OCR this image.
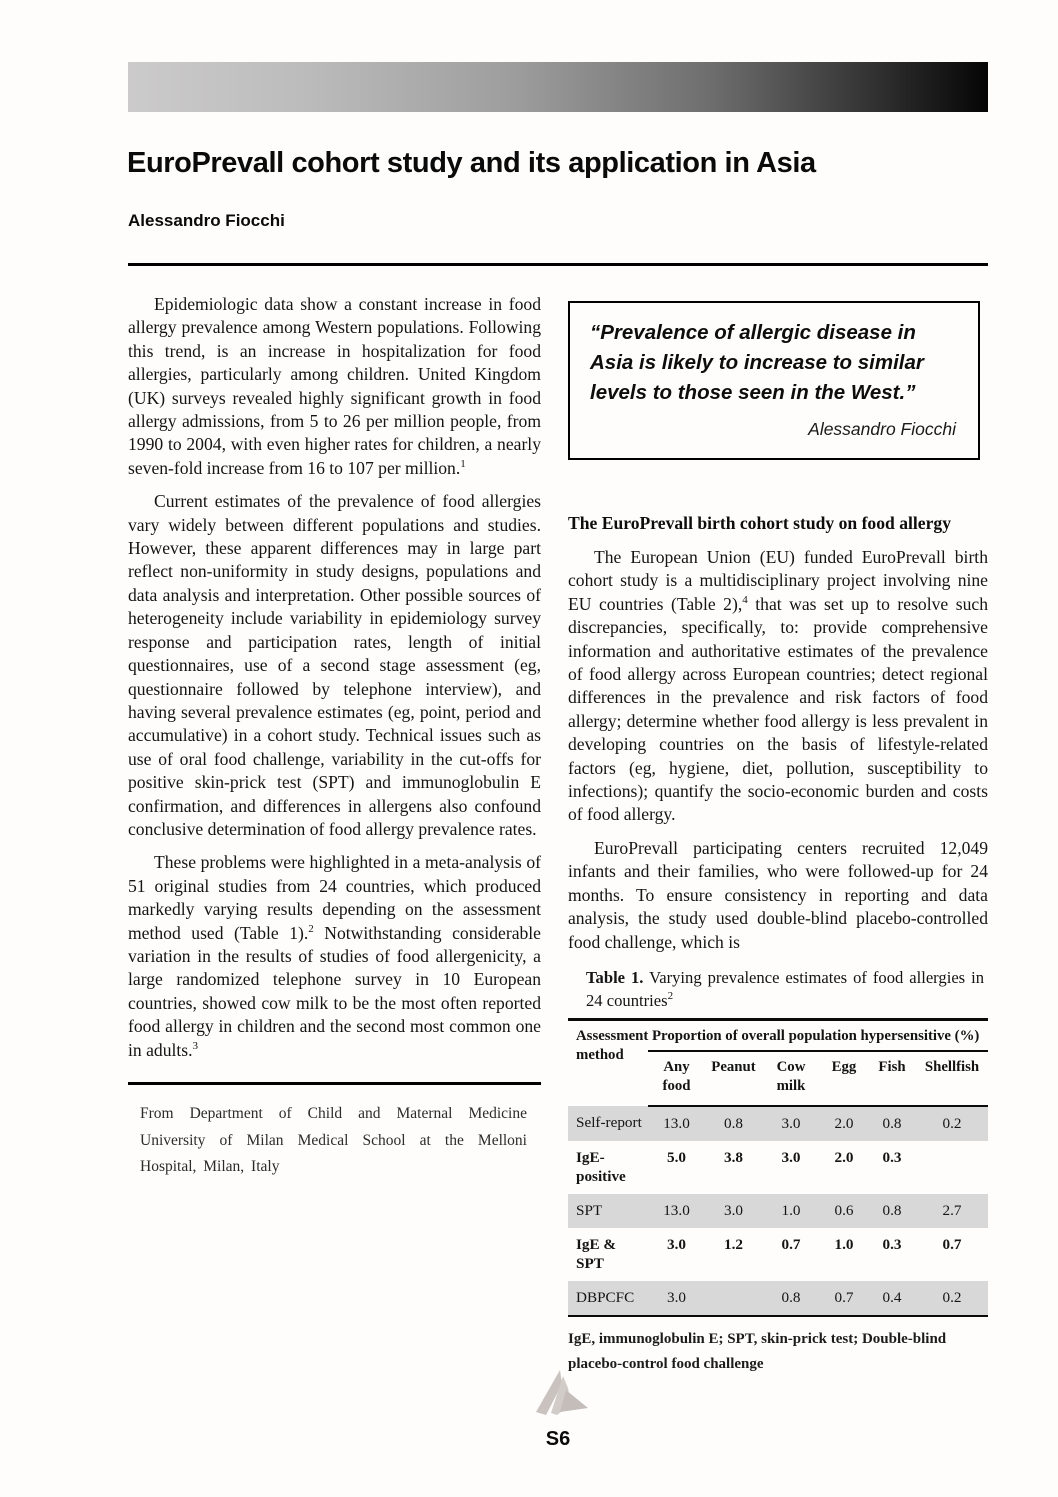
EuroPrevall cohort study and its application in Asia
Alessandro Fiocchi

Epidemiologic data show a constant increase in food allergy prevalence among Western populations. Following this trend, is an increase in hospitalization for food allergies, particularly among children. United Kingdom (UK) surveys revealed highly significant growth in food allergy admissions, from 5 to 26 per million people, from 1990 to 2004, with even higher rates for children, a nearly seven-fold increase from 16 to 107 per million.$^1$

Current estimates of the prevalence of food allergies vary widely between different populations and studies. However, these apparent differences may in large part reflect non-uniformity in study designs, populations and data analysis and interpretation. Other possible sources of heterogeneity include variability in epidemiology survey response and participation rates, length of initial questionnaires, use of a second stage assessment (eg, questionnaire followed by telephone interview), and having several prevalence estimates (eg, point, period and accumulative) in a cohort study. Technical issues such as use of oral food challenge, variability in the cut-offs for positive skin-prick test (SPT) and immunoglobulin E confirmation, and differences in allergens also confound conclusive determination of food allergy prevalence rates.

These problems were highlighted in a meta-analysis of 51 original studies from 24 countries, which produced markedly varying results depending on the assessment method used (Table 1).$^2$ Notwithstanding considerable variation in the results of studies of food allergenicity, a large randomized telephone survey in 10 European countries, showed cow milk to be the most often reported food allergy in children and the second most common one in adults.$^3$

From Department of Child and Maternal Medicine University of Milan Medical School at the Melloni Hospital, Milan, Italy

“Prevalence of allergic disease in Asia is likely to increase to similar levels to those seen in the West.”

Alessandro Fiocchi

The EuroPrevall birth cohort study on food allergy

The European Union (EU) funded EuroPrevall birth cohort study is a multidisciplinary project involving nine EU countries (Table 2),$^4$ that was set up to resolve such discrepancies, specifically, to: provide comprehensive information and authoritative estimates of the prevalence of food allergy across European countries; detect regional differences in the prevalence and risk factors of food allergy; determine whether food allergy is less prevalent in developing countries on the basis of lifestyle-related factors (eg, hygiene, diet, pollution, susceptibility to infections); quantify the socio-economic burden and costs of food allergy.

EuroPrevall participating centers recruited 12,049 infants and their families, who were followed-up for 24 months. To ensure consistency in reporting and data analysis, the study used double-blind placebo-controlled food challenge, which is

Table 1. Varying prevalence estimates of food allergies in 24 countries$^2$

Assessment method	Proportion of overall population hypersensitive (%)					
	Any food	Peanut	Cow milk	Egg	Fish	Shellfish
Self-report	13.0	0.8	3.0	2.0	0.8	0.2
IgE-positive	5.0	3.8	3.0	2.0	0.3	
SPT	13.0	3.0	1.0	0.6	0.8	2.7
IgE & SPT	3.0	1.2	0.7	1.0	0.3	0.7
DBPCFC	3.0		0.8	0.7	0.4	0.2

IgE, immunoglobulin E; SPT, skin-prick test; Double-blind placebo-control food challenge

S6
